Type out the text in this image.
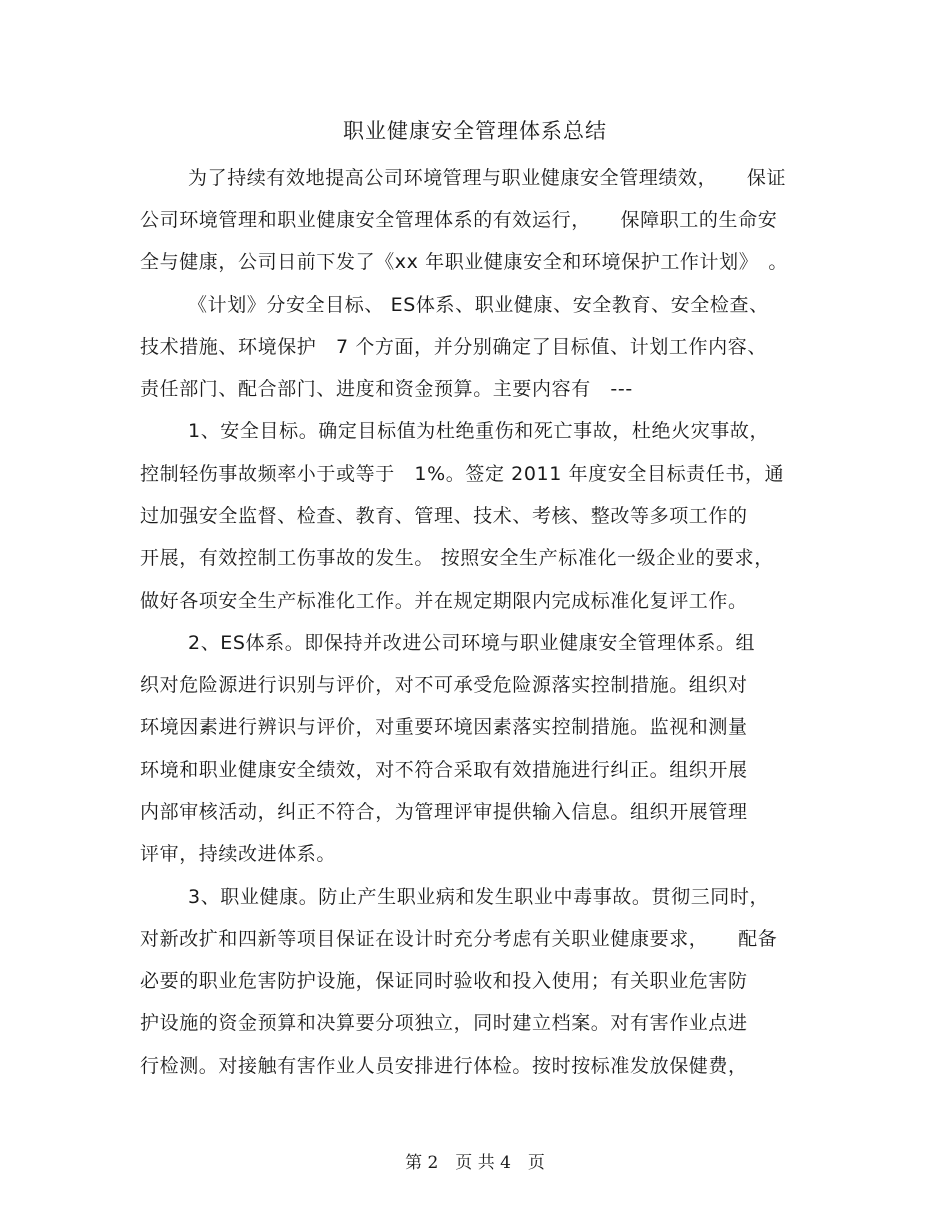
职业健康安全管理体系总结
为了持续有效地提高公司环境管理与职业健康安全管理绩效，　　保证
公司环境管理和职业健康安全管理体系的有效运行，　　保障职工的生命安
全与健康，公司日前下发了《xx 年职业健康安全和环境保护工作计划》　。
《计划》分安全目标、 ES体系、职业健康、安全教育、安全检查、
技术措施、环境保护　7 个方面，并分别确定了目标值、计划工作内容、
责任部门、配合部门、进度和资金预算。主要内容有　---
1、安全目标。确定目标值为杜绝重伤和死亡事故，杜绝火灾事故，
控制轻伤事故频率小于或等于　1%。签定 2011 年度安全目标责任书，通
过加强安全监督、检查、教育、管理、技术、考核、整改等多项工作的
开展，有效控制工伤事故的发生。 按照安全生产标准化一级企业的要求，
做好各项安全生产标准化工作。并在规定期限内完成标准化复评工作。
2、ES体系。即保持并改进公司环境与职业健康安全管理体系。组
织对危险源进行识别与评价，对不可承受危险源落实控制措施。组织对
环境因素进行辨识与评价，对重要环境因素落实控制措施。监视和测量
环境和职业健康安全绩效，对不符合采取有效措施进行纠正。组织开展
内部审核活动，纠正不符合，为管理评审提供输入信息。组织开展管理
评审，持续改进体系。
3、职业健康。防止产生职业病和发生职业中毒事故。贯彻三同时，
对新改扩和四新等项目保证在设计时充分考虑有关职业健康要求，　　配备
必要的职业危害防护设施，保证同时验收和投入使用；有关职业危害防
护设施的资金预算和决算要分项独立，同时建立档案。对有害作业点进
行检测。对接触有害作业人员安排进行体检。按时按标准发放保健费，
第 2　页 共 4　页
